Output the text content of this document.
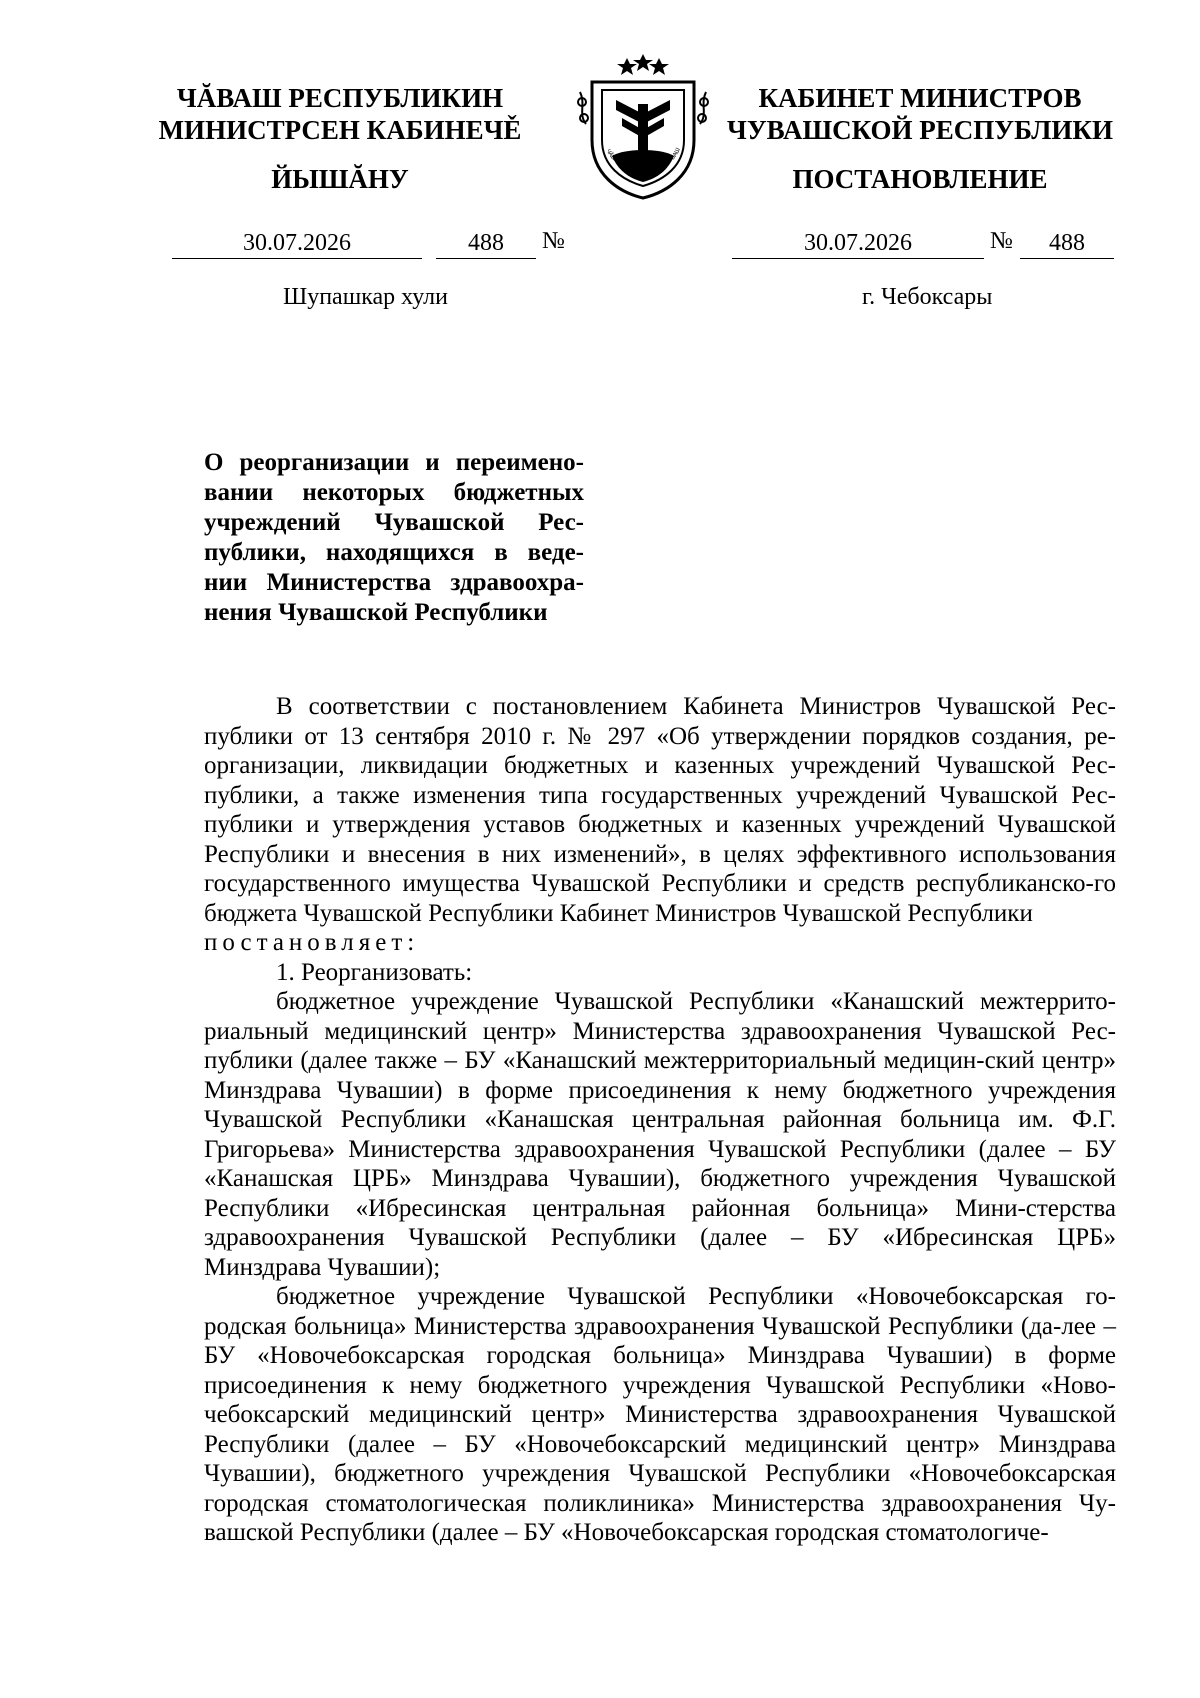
ЧĂВАШ РЕСПУБЛИКИН
МИНИСТРСЕН КАБИНЕЧĚ
ЙЫШĂНУ
КАБИНЕТ МИНИСТРОВ
ЧУВАШСКОЙ РЕСПУБЛИКИ
ПОСТАНОВЛЕНИЕ
ЧĂВАШ РЕСПУБЛИКИ • ЧУВАШ
30.07.2026	488	№	30.07.2026	№	488
Шупашкар хули	г. Чебоксары
О реорганизации и переимено-вании некоторых бюджетных учреждений Чувашской Рес-публики, находящихся в веде-нии Министерства здравоохра-нения Чувашской Республики

В соответствии с постановлением Кабинета Министров Чувашской Рес-публики от 13 сентября 2010 г. № 297 «Об утверждении порядков создания, ре-организации, ликвидации бюджетных и казенных учреждений Чувашской Рес-публики, а также изменения типа государственных учреждений Чувашской Рес-публики и утверждения уставов бюджетных и казенных учреждений Чувашской Республики и внесения в них изменений», в целях эффективного использования государственного имущества Чувашской Республики и средств республиканско-го бюджета Чувашской Республики Кабинет Министров Чувашской Республики

постановляет:

1. Реорганизовать:

бюджетное учреждение Чувашской Республики «Канашский межтеррито-риальный медицинский центр» Министерства здравоохранения Чувашской Рес-публики (далее также – БУ «Канашский межтерриториальный медицин-ский центр» Минздрава Чувашии) в форме присоединения к нему бюджетного учреждения Чувашской Республики «Канашская центральная районная больница им. Ф.Г. Григорьева» Министерства здравоохранения Чувашской Республики (далее – БУ «Канашская ЦРБ» Минздрава Чувашии), бюджетного учреждения Чувашской Республики «Ибресинская центральная районная больница» Мини-стерства здравоохранения Чувашской Республики (далее – БУ «Ибресинская ЦРБ» Минздрава Чувашии);

бюджетное учреждение Чувашской Республики «Новочебоксарская го-родская больница» Министерства здравоохранения Чувашской Республики (да-лее – БУ «Новочебоксарская городская больница» Минздрава Чувашии) в форме присоединения к нему бюджетного учреждения Чувашской Республики «Ново-чебоксарский медицинский центр» Министерства здравоохранения Чувашской Республики (далее – БУ «Новочебоксарский медицинский центр» Минздрава Чувашии), бюджетного учреждения Чувашской Республики «Новочебоксарская городская стоматологическая поликлиника» Министерства здравоохранения Чу-вашской Республики (далее – БУ «Новочебоксарская городская стоматологиче-
